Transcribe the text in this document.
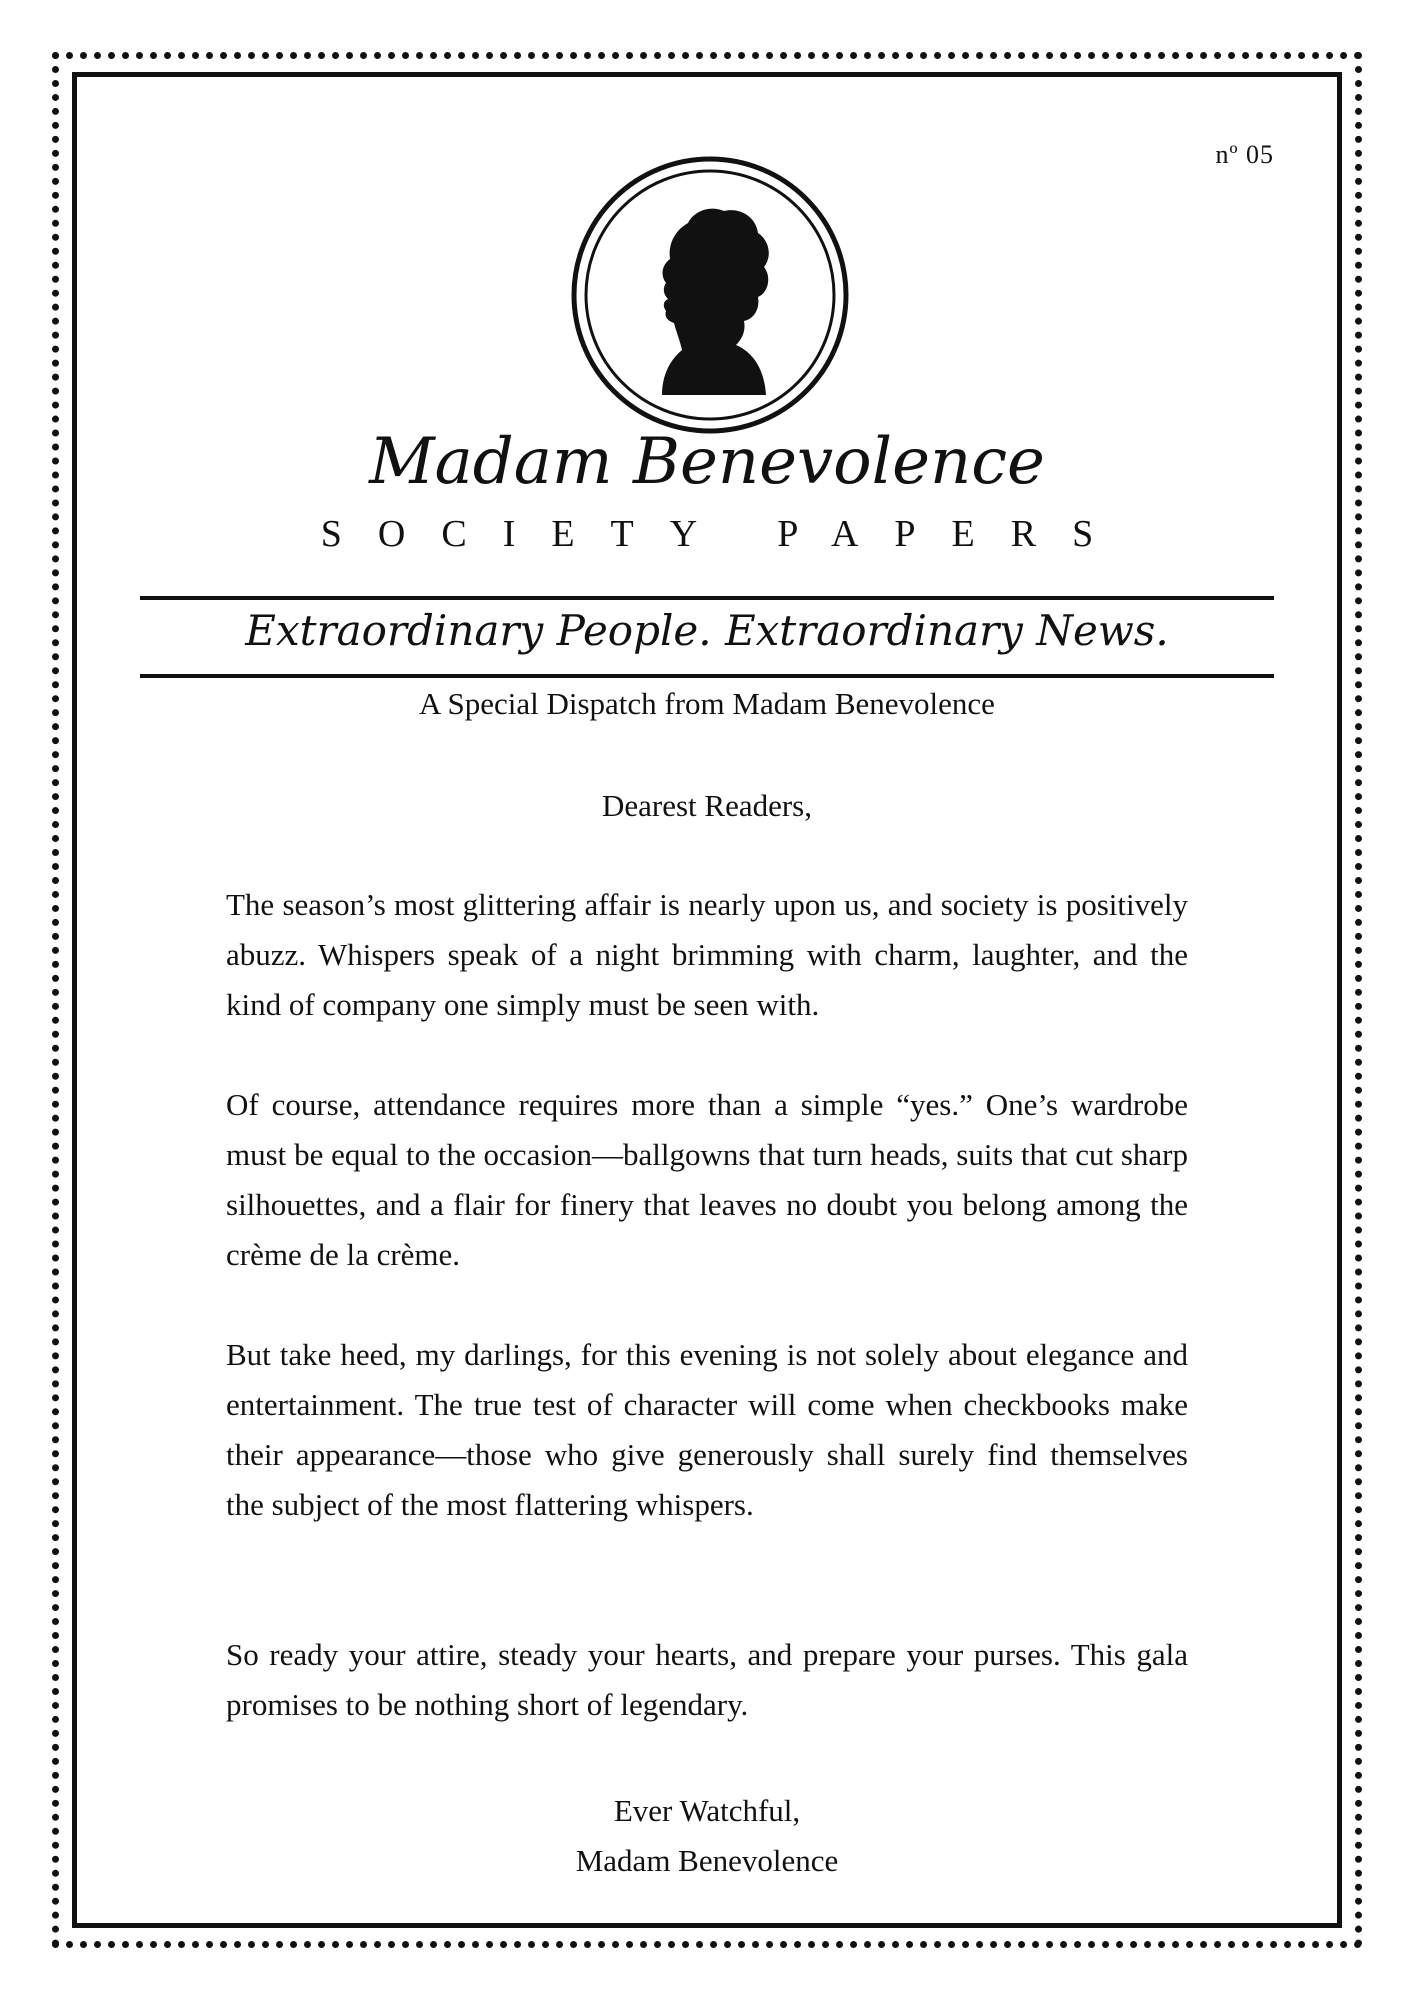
nº 05
Madam Benevolence
SOCIETY PAPERS
Extraordinary People. Extraordinary News.
A Special Dispatch from Madam Benevolence
Dearest Readers,
The season’s most glittering affair is nearly upon us, and society is positively abuzz. Whispers speak of a night brimming with charm, laughter, and the kind of company one simply must be seen with.
Of course, attendance requires more than a simple “yes.” One’s wardrobe must be equal to the occasion—ballgowns that turn heads, suits that cut sharp silhouettes, and a flair for finery that leaves no doubt you belong among the crème de la crème.
But take heed, my darlings, for this evening is not solely about elegance and entertainment. The true test of character will come when checkbooks make their appearance—those who give generously shall surely find themselves the subject of the most flattering whispers.
So ready your attire, steady your hearts, and prepare your purses. This gala promises to be nothing short of legendary.
Ever Watchful,
Madam Benevolence
